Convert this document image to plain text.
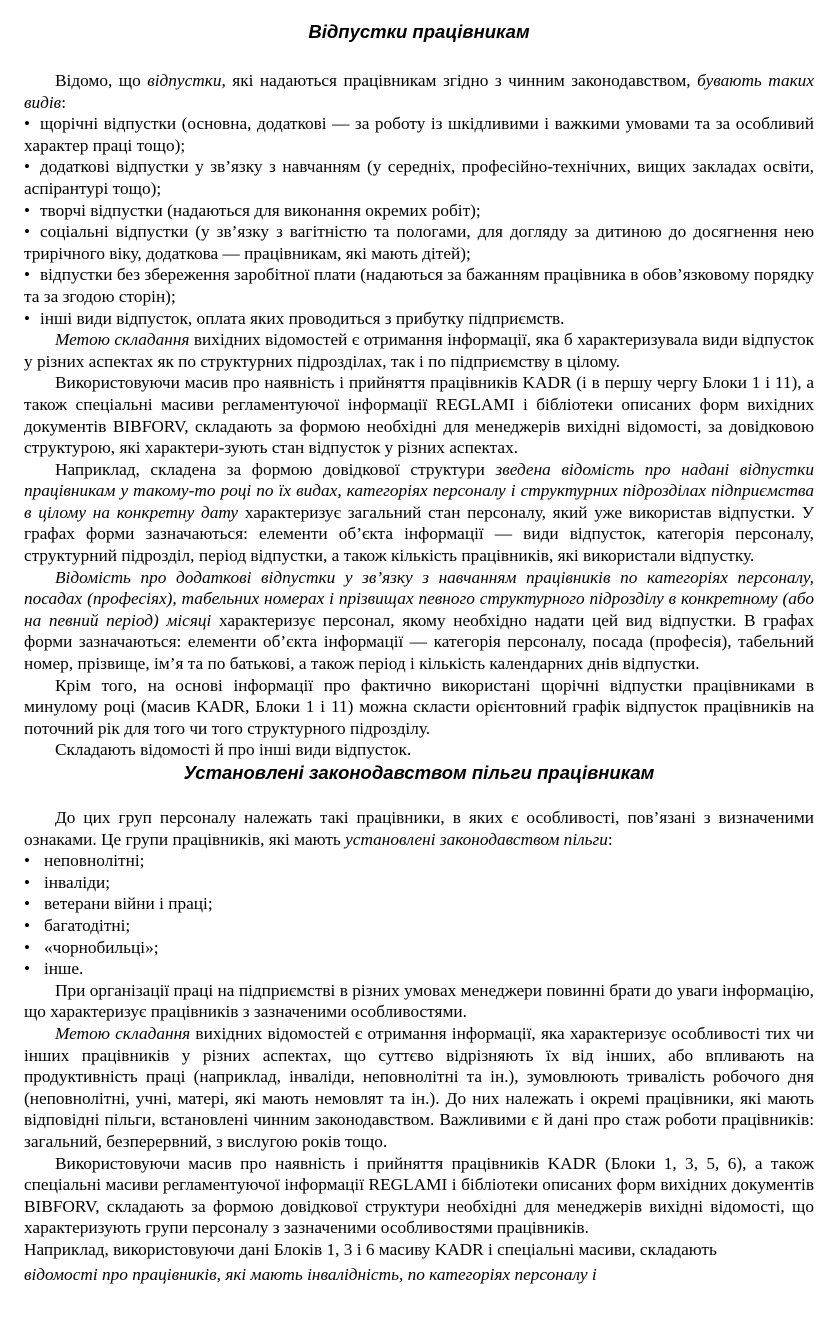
Відпустки працівникам

Відомо, що відпустки, які надаються працівникам згідно з чинним законодавством, бувають таких видів:

• щорічні відпустки (основна, додаткові — за роботу із шкідливими і важкими умовами та за особливий характер праці тощо);

• додаткові відпустки у зв’язку з навчанням (у середніх, професійно-технічних, вищих закладах освіти, аспірантурі тощо);

• творчі відпустки (надаються для виконання окремих робіт);

• соціальні відпустки (у зв’язку з вагітністю та пологами, для догляду за дитиною до досягнення нею трирічного віку, додаткова — працівникам, які мають дітей);

• відпустки без збереження заробітної плати (надаються за бажанням працівника в обов’язковому порядку та за згодою сторін);

• інші види відпусток, оплата яких проводиться з прибутку підприємств.

Метою складання вихідних відомостей є отримання інформації, яка б характеризувала види відпусток у різних аспектах як по структурних підрозділах, так і по підприємству в цілому.

Використовуючи масив про наявність і прийняття працівників KADR (і в першу чергу Блоки 1 і 11), а також спеціальні масиви регламентуючої інформації REGLAMI і бібліотеки описаних форм вихідних документів BIBFORV, складають за формою необхідні для менеджерів вихідні відомості, за довідковою структурою, які характери-зують стан відпусток у різних аспектах.

Наприклад, складена за формою довідкової структури зведена відомість про надані відпустки працівникам у такому-то році по їх видах, категоріях персоналу і структурних підрозділах підприємства в цілому на конкретну дату характеризує загальний стан персоналу, який уже використав відпустки. У графах форми зазначаються: елементи об’єкта інформації — види відпусток, категорія персоналу, структурний підрозділ, період відпустки, а також кількість працівників, які використали відпустку.

Відомість про додаткові відпустки у зв’язку з навчанням працівників по категоріях персоналу, посадах (професіях), табельних номерах і прізвищах певного структурного підрозділу в конкретному (або на певний період) місяці характеризує персонал, якому необхідно надати цей вид відпустки. В графах форми зазначаються: елементи об’єкта інформації — категорія персоналу, посада (професія), табельний номер, прізвище, ім’я та по батькові, а також період і кількість календарних днів відпустки.

Крім того, на основі інформації про фактично використані щорічні відпустки працівниками в минулому році (масив KADR, Блоки 1 і 11) можна скласти орієнтовний графік відпусток працівників на поточний рік для того чи того структурного підрозділу.

Складають відомості й про інші види відпусток.

Установлені законодавством пільги працівникам

До цих груп персоналу належать такі працівники, в яких є особливості, пов’язані з визначеними ознаками. Це групи працівників, які мають установлені законодавством пільги:

• неповнолітні;

• інваліди;

• ветерани війни і праці;

• багатодітні;

• «чорнобильці»;

• інше.

При організації праці на підприємстві в різних умовах менеджери повинні брати до уваги інформацію, що характеризує працівників з зазначеними особливостями.

Метою складання вихідних відомостей є отримання інформації, яка характеризує особливості тих чи інших працівників у різних аспектах, що суттєво відрізняють їх від інших, або впливають на продуктивність праці (наприклад, інваліди, неповнолітні та ін.), зумовлюють тривалість робочого дня (неповнолітні, учні, матері, які мають немовлят та ін.). До них належать і окремі працівники, які мають відповідні пільги, встановлені чинним законодавством. Важливими є й дані про стаж роботи працівників: загальний, безперервний, з вислугою років тощо.

Використовуючи масив про наявність і прийняття працівників KADR (Блоки 1, 3, 5, 6), а також спеціальні масиви регламентуючої інформації REGLAMI і бібліотеки описаних форм вихідних документів BIBFORV, складають за формою довідкової структури необхідні для менеджерів вихідні відомості, що характеризують групи персоналу з зазначеними особливостями працівників.

Наприклад, використовуючи дані Блоків 1, 3 і 6 масиву KADR і спеціальні масиви, складають

відомості про працівників, які мають інвалідність, по категоріях персоналу і
